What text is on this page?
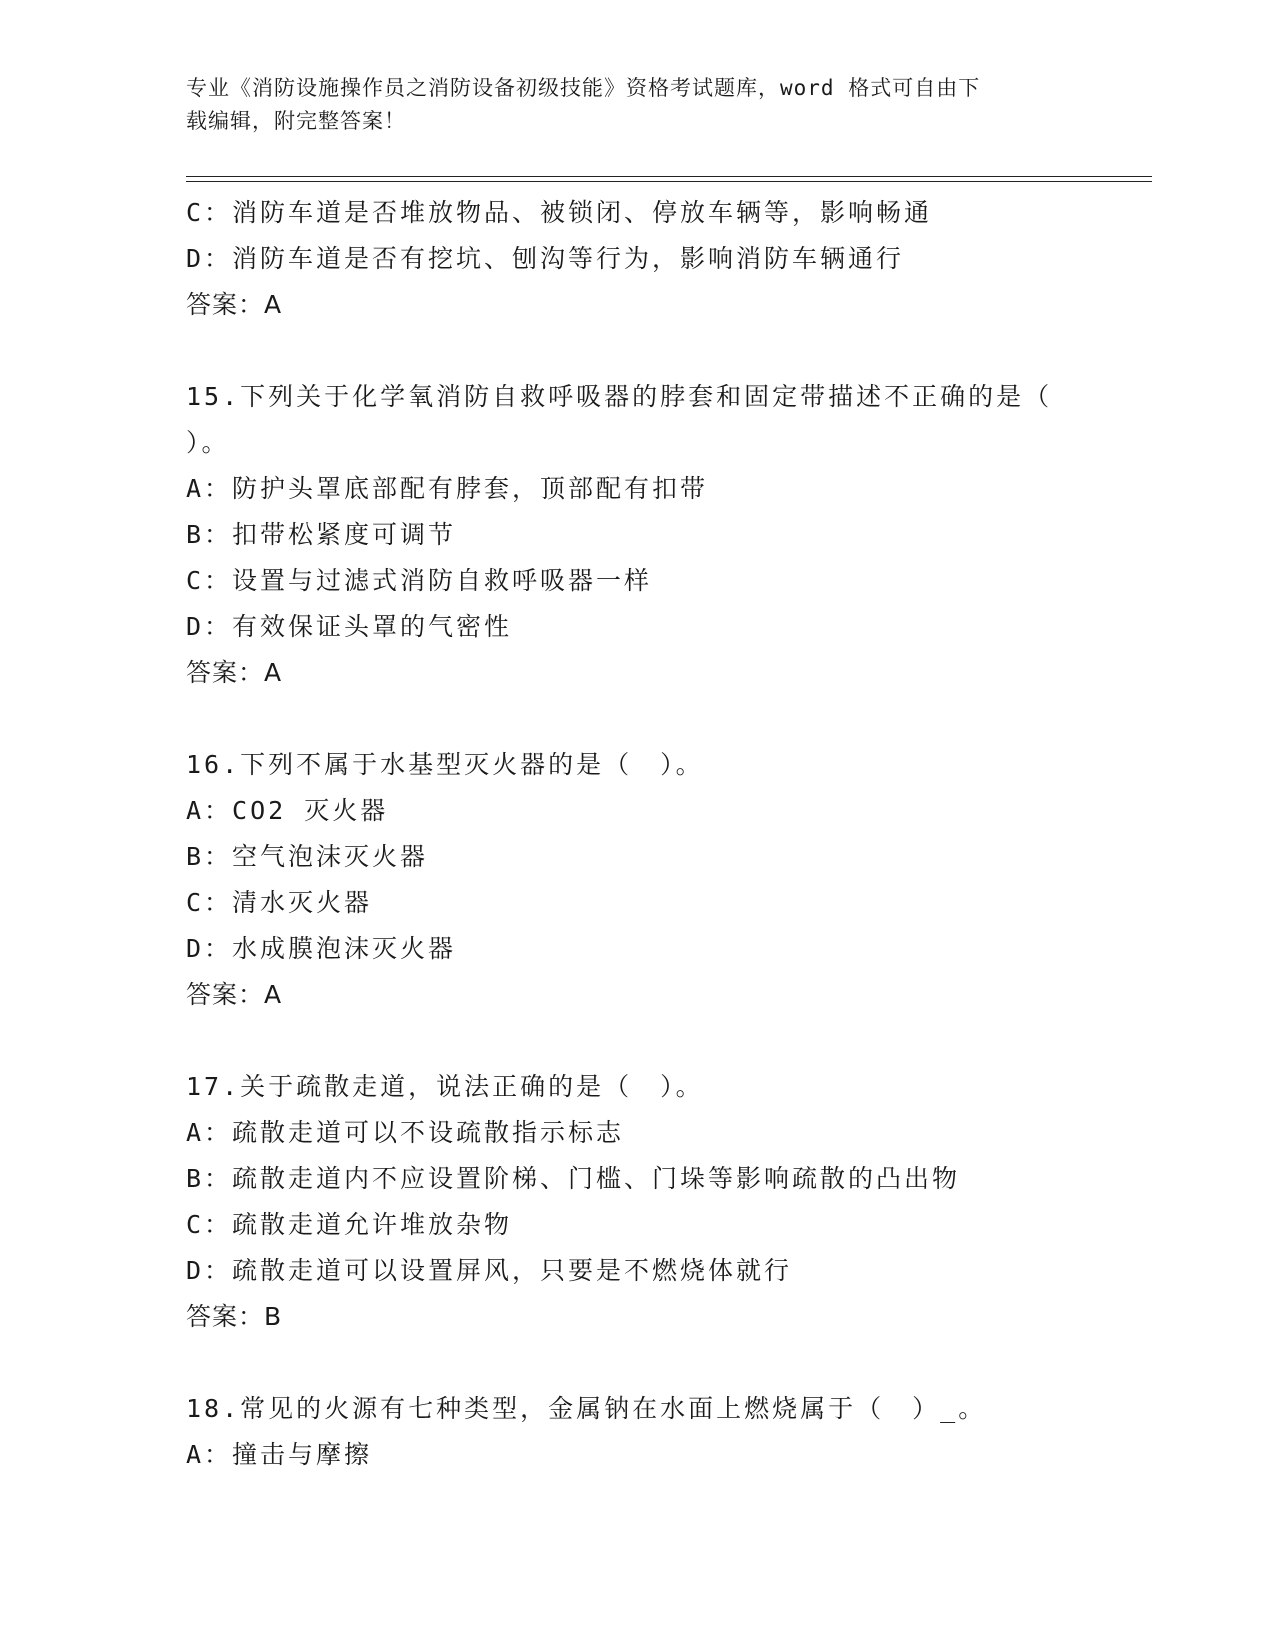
专业《消防设施操作员之消防设备初级技能》资格考试题库，word 格式可自由下
载编辑，附完整答案！
C：消防车道是否堆放物品、被锁闭、停放车辆等，影响畅通
D：消防车道是否有挖坑、刨沟等行为，影响消防车辆通行
答案：A
15.下列关于化学氧消防自救呼吸器的脖套和固定带描述不正确的是（
）。
A：防护头罩底部配有脖套，顶部配有扣带
B：扣带松紧度可调节
C：设置与过滤式消防自救呼吸器一样
D：有效保证头罩的气密性
答案：A
16.下列不属于水基型灭火器的是（　）。
A：CO2 灭火器
B：空气泡沫灭火器
C：清水灭火器
D：水成膜泡沫灭火器
答案：A
17.关于疏散走道，说法正确的是（　）。
A：疏散走道可以不设疏散指示标志
B：疏散走道内不应设置阶梯、门槛、门垛等影响疏散的凸出物
C：疏散走道允许堆放杂物
D：疏散走道可以设置屏风，只要是不燃烧体就行
答案：B
18.常见的火源有七种类型，金属钠在水面上燃烧属于（　）_。
A：撞击与摩擦
